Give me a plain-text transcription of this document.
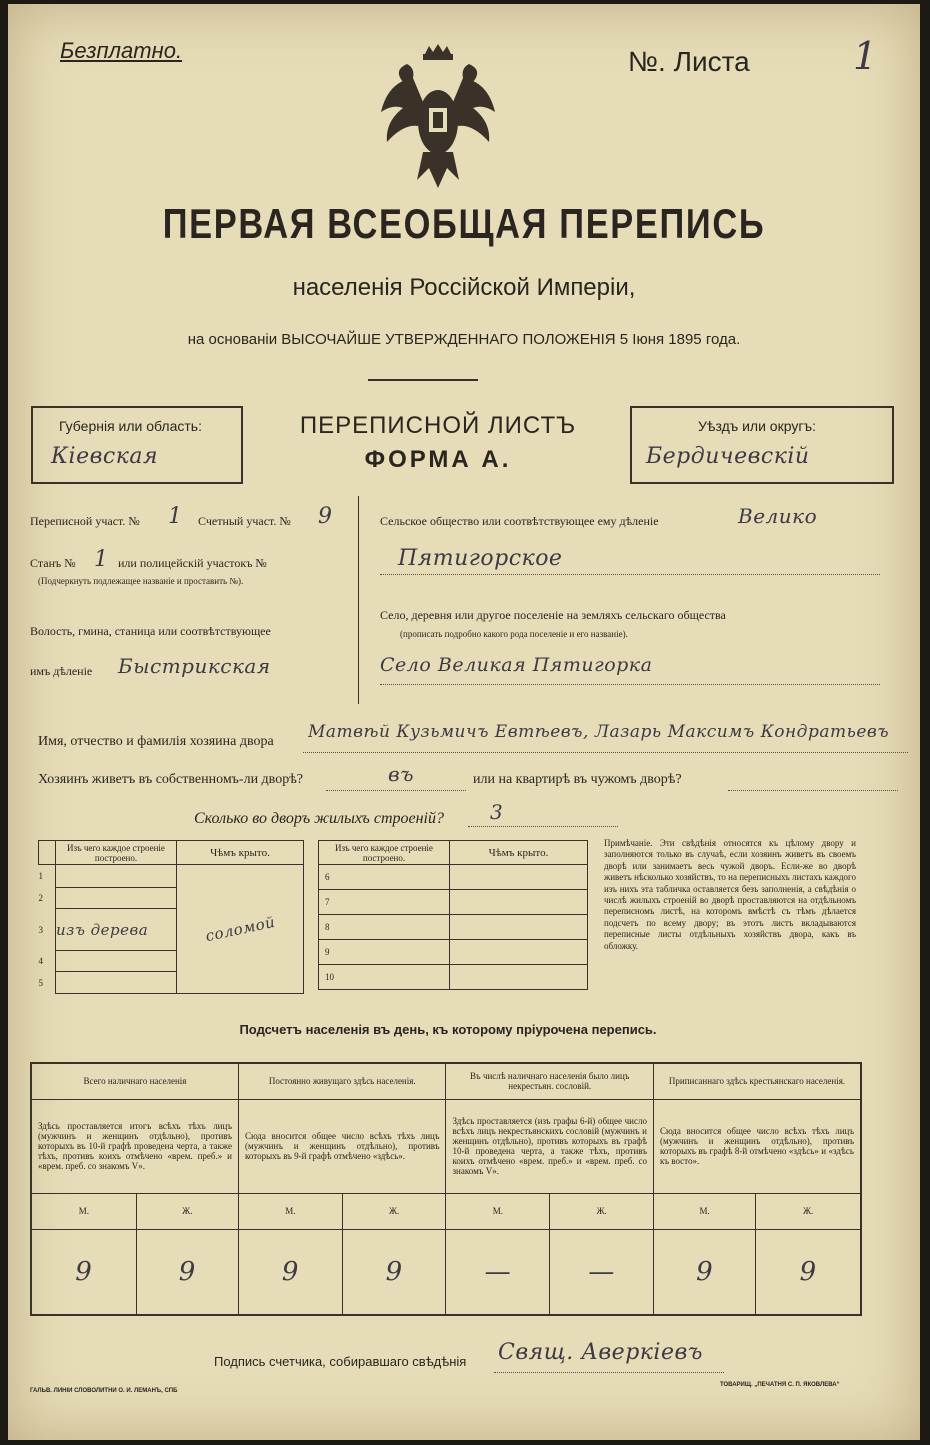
Безплатно.	№. Листа	1
ПЕРВАЯ ВСЕОБЩАЯ ПЕРЕПИСЬ
населенія Россійской Имперіи,
на основаніи ВЫСОЧАЙШЕ УТВЕРЖДЕННАГО ПОЛОЖЕНІЯ 5 Іюня 1895 года.
Губернія или область:
Кіевская
ПЕРЕПИСНОЙ ЛИСТЪ
ФОРМА А.
Уѣздъ или округъ:
Бердичевскій
Переписной участ. № 1 Счетный участ. № 9
Станъ № 1 или полицейскій участокъ №
(Подчеркнуть подлежащее названіе и проставить №).
Волость, гмина, станица или соотвѣтствующее
имъ дѣленіе Быстрикская
Сельское общество или соотвѣтствующее ему дѣленіе	Велико
Пятигорское
Село, деревня или другое поселеніе на земляхъ сельскаго общества
(прописать подробно какого рода поселеніе и его названіе).
Село Великая Пятигорка
Имя, отчество и фамилія хозяина двора Матвѣй Кузьмичъ Евтѣевъ, Лазарь Максимъ Кондратьевъ
Хозяинъ живетъ въ собственномъ-ли дворѣ?	въ	или на квартирѣ въ чужомъ дворѣ?
Сколько во дворъ жилыхъ строеній? 3
	Изъ чего каждое строеніе построено.	Чѣмъ крыто.
1		соломой
2		
3	изъ дерева	
4		
5		
Изъ чего каждое строеніе построено.	Чѣмъ крыто.
6	
7	
8	
9	
10	
Примѣчаніе. Эти свѣдѣнія относятся къ цѣлому двору и заполняются только въ случаѣ, если хозяинъ живетъ въ своемъ дворѣ или занимаетъ весь чужой дворъ. Если-же во дворѣ живетъ нѣсколько хозяйствъ, то на переписныхъ листахъ каждого изъ нихъ эта табличка оставляется безъ заполненія, а свѣдѣнія о числѣ жилыхъ строеній во дворѣ проставляются на отдѣльномъ переписномъ листѣ, на которомъ вмѣстѣ съ тѣмъ дѣлается подсчетъ по всему двору; въ этотъ листъ вкладываются переписные листы отдѣльныхъ хозяйствъ двора, какъ въ обложку.
Подсчетъ населенія въ день, къ которому пріурочена перепись.
Всего наличнаго населенія		Постоянно живущаго здѣсь населенія.		Въ числѣ наличнаго населенія было лицъ некрестьян. сословій.		Приписаннаго здѣсь крестьянскаго населенія.	
Здѣсь проставляется итогъ всѣхъ тѣхъ лицъ (мужчинъ и женщинъ отдѣльно), противъ которыхъ въ 10-й графѣ проведена черта, а также тѣхъ, противъ коихъ отмѣчено «врем. преб.» и «врем. преб. со знакомъ V».		Сюда вносится общее число всѣхъ тѣхъ лицъ (мужчинъ и женщинъ отдѣльно), противъ которыхъ въ 9-й графѣ отмѣчено «здѣсь».		Здѣсь проставляется (изъ графы 6-й) общее число всѣхъ лицъ некрестьянскихъ сословій (мужчинъ и женщинъ отдѣльно), противъ которыхъ въ графѣ 10-й проведена черта, а также тѣхъ, противъ коихъ отмѣчено «врем. преб.» и «врем. преб. со знакомъ V».		Сюда вносится общее число всѣхъ тѣхъ лицъ (мужчинъ и женщинъ отдѣльно), противъ которыхъ въ графѣ 8-й отмѣчено «здѣсь» и «здѣсь къ восто».	
М.	Ж.	М.	Ж.	М.	Ж.	М.	Ж.
9	9	9	9	—	—	9	9
Подпись счетчика, собиравшаго свѣдѣнія Свящ. Аверкіевъ
ГАЛЬВ. ЛИНІИ СЛОВОЛИТНИ О. И. ЛЕМАНЪ, СПБ
ТОВАРИЩ. „ПЕЧАТНЯ С. П. ЯКОВЛЕВА“
